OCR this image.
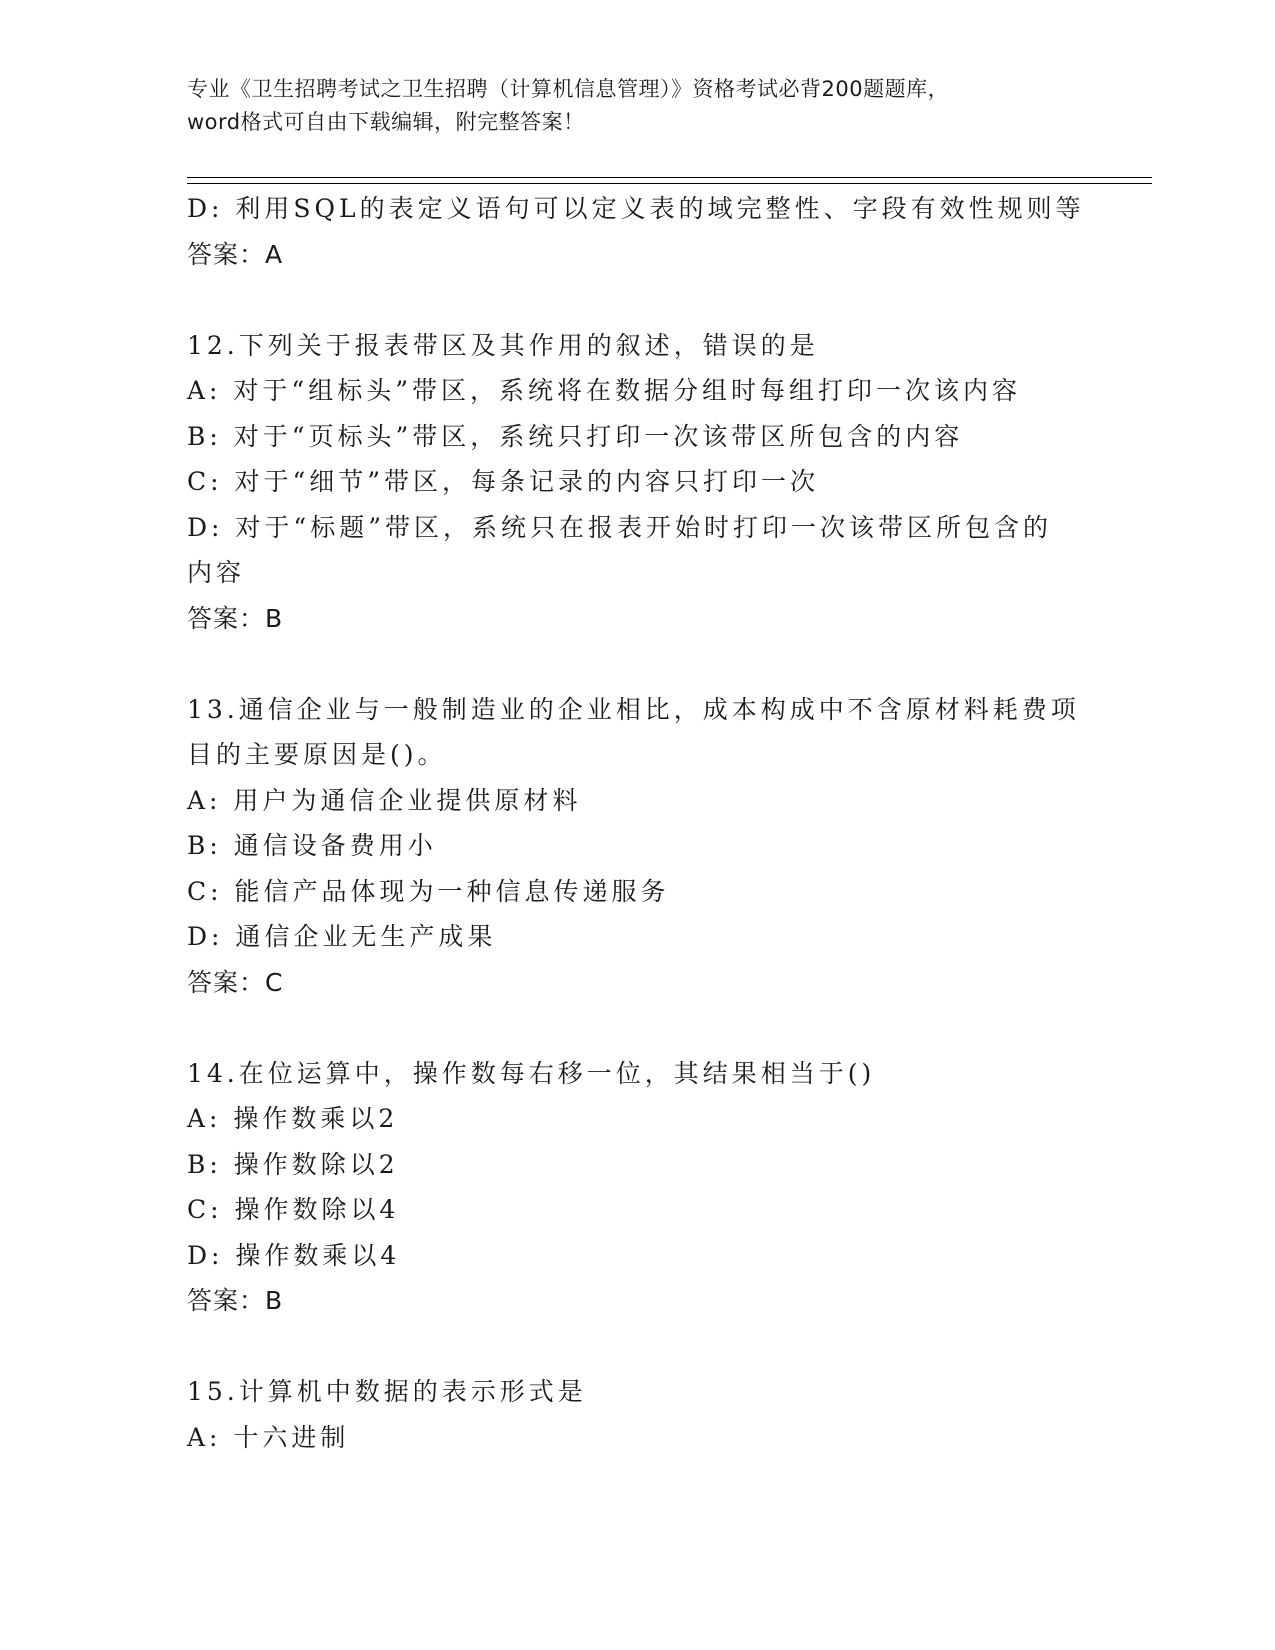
专业《卫生招聘考试之卫生招聘（计算机信息管理）》资格考试必背200题题库，
word格式可自由下载编辑，附完整答案！
D: 利用SQL的表定义语句可以定义表的域完整性、字段有效性规则等
答案：A
12.下列关于报表带区及其作用的叙述，错误的是
A: 对于“组标头”带区，系统将在数据分组时每组打印一次该内容
B: 对于“页标头”带区，系统只打印一次该带区所包含的内容
C: 对于“细节”带区，每条记录的内容只打印一次
D: 对于“标题”带区，系统只在报表开始时打印一次该带区所包含的
内容
答案：B
13.通信企业与一般制造业的企业相比，成本构成中不含原材料耗费项
目的主要原因是()。
A: 用户为通信企业提供原材料
B: 通信设备费用小
C: 能信产品体现为一种信息传递服务
D: 通信企业无生产成果
答案：C
14.在位运算中，操作数每右移一位，其结果相当于()
A: 操作数乘以2
B: 操作数除以2
C: 操作数除以4
D: 操作数乘以4
答案：B
15.计算机中数据的表示形式是
A: 十六进制
